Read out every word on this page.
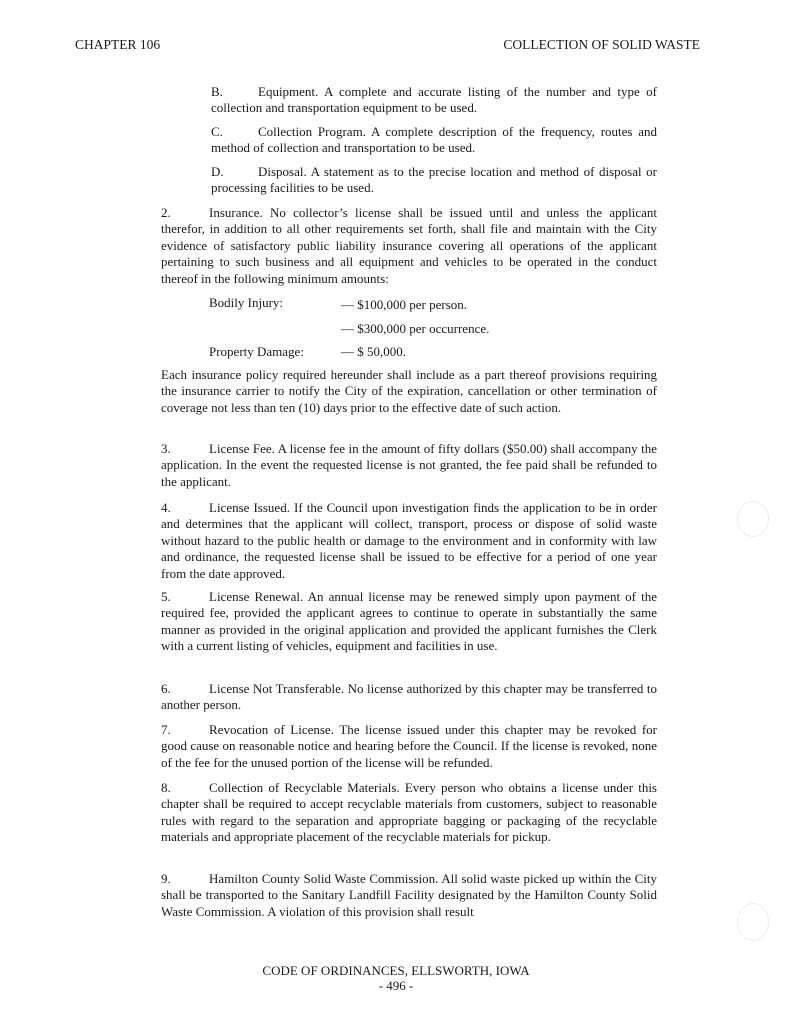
CHAPTER 106	COLLECTION OF SOLID WASTE
B.	Equipment. A complete and accurate listing of the number and type of collection and transportation equipment to be used.
C.	Collection Program. A complete description of the frequency, routes and method of collection and transportation to be used.
D.	Disposal. A statement as to the precise location and method of disposal or processing facilities to be used.
2.	Insurance. No collector’s license shall be issued until and unless the applicant therefor, in addition to all other requirements set forth, shall file and maintain with the City evidence of satisfactory public liability insurance covering all operations of the applicant pertaining to such business and all equipment and vehicles to be operated in the conduct thereof in the following minimum amounts:
Bodily Injury:	— $100,000 per person.
— $300,000 per occurrence.
Property Damage:	— $ 50,000.
Each insurance policy required hereunder shall include as a part thereof provisions requiring the insurance carrier to notify the City of the expiration, cancellation or other termination of coverage not less than ten (10) days prior to the effective date of such action.
3.	License Fee. A license fee in the amount of fifty dollars ($50.00) shall accompany the application. In the event the requested license is not granted, the fee paid shall be refunded to the applicant.
4.	License Issued. If the Council upon investigation finds the application to be in order and determines that the applicant will collect, transport, process or dispose of solid waste without hazard to the public health or damage to the environment and in conformity with law and ordinance, the requested license shall be issued to be effective for a period of one year from the date approved.
5.	License Renewal. An annual license may be renewed simply upon payment of the required fee, provided the applicant agrees to continue to operate in substantially the same manner as provided in the original application and provided the applicant furnishes the Clerk with a current listing of vehicles, equipment and facilities in use.
6.	License Not Transferable. No license authorized by this chapter may be transferred to another person.
7.	Revocation of License. The license issued under this chapter may be revoked for good cause on reasonable notice and hearing before the Council. If the license is revoked, none of the fee for the unused portion of the license will be refunded.
8.	Collection of Recyclable Materials. Every person who obtains a license under this chapter shall be required to accept recyclable materials from customers, subject to reasonable rules with regard to the separation and appropriate bagging or packaging of the recyclable materials and appropriate placement of the recyclable materials for pickup.
9.	Hamilton County Solid Waste Commission. All solid waste picked up within the City shall be transported to the Sanitary Landfill Facility designated by the Hamilton County Solid Waste Commission. A violation of this provision shall result
CODE OF ORDINANCES, ELLSWORTH, IOWA
- 496 -
